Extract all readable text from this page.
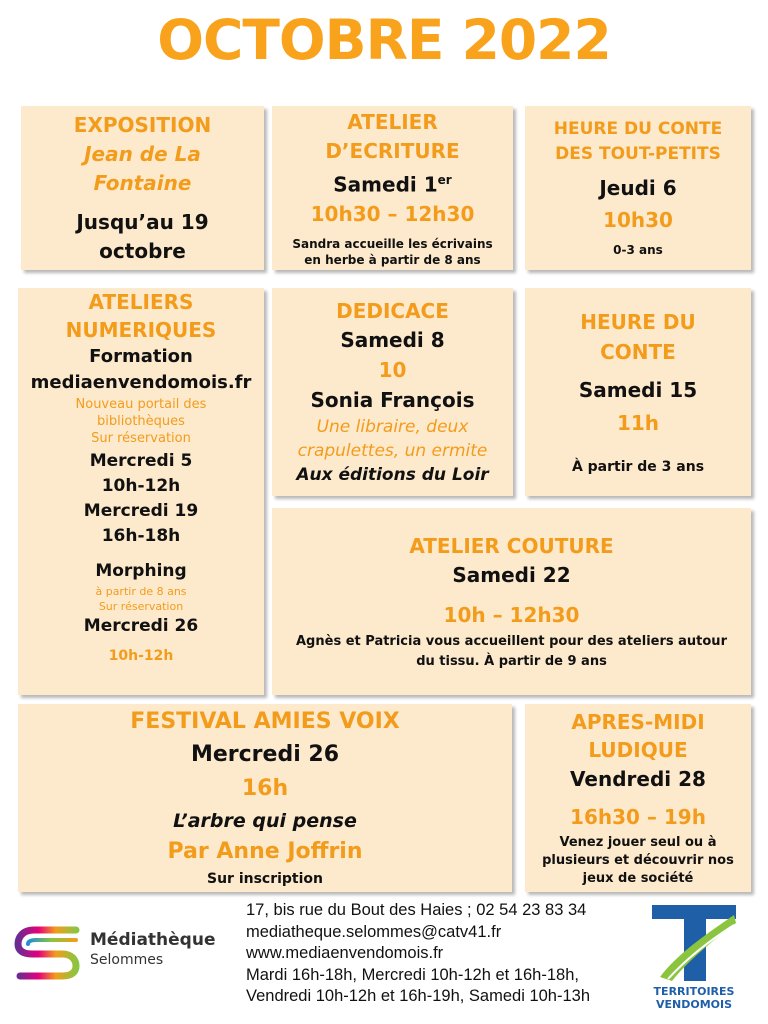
OCTOBRE 2022
EXPOSITION
Jean de La
Fontaine
Jusqu’au 19
octobre
ATELIER
D’ECRITURE
Samedi 1er
10h30 – 12h30
Sandra accueille les écrivains
en herbe à partir de 8 ans
HEURE DU CONTE
DES TOUT-PETITS
Jeudi 6
10h30
0-3 ans
ATELIERS
NUMERIQUES
Formation
mediaenvendomois.fr
Nouveau portail des
bibliothèques
Sur réservation
Mercredi 5
10h-12h
Mercredi 19
16h-18h
Morphing
à partir de 8 ans
Sur réservation
Mercredi 26
10h-12h
DEDICACE
Samedi 8
10
Sonia François
Une libraire, deux
crapulettes, un ermite
Aux éditions du Loir
HEURE DU
CONTE
Samedi 15
11h
À partir de 3 ans
ATELIER COUTURE
Samedi 22
10h – 12h30
Agnès et Patricia vous accueillent pour des ateliers autour
du tissu. À partir de 9 ans
FESTIVAL AMIES VOIX
Mercredi 26
16h
L’arbre qui pense
Par Anne Joffrin
Sur inscription
APRES-MIDI
LUDIQUE
Vendredi 28
16h30 – 19h
Venez jouer seul ou à
plusieurs et découvrir nos
jeux de société
Médiathèque
Selommes
17, bis rue du Bout des Haies ; 02 54 23 83 34
mediatheque.selommes@catv41.fr
www.mediaenvendomois.fr
Mardi 16h-18h, Mercredi 10h-12h et 16h-18h,
Vendredi 10h-12h et 16h-19h, Samedi 10h-13h	TERRITOIRES
VENDOMOIS
